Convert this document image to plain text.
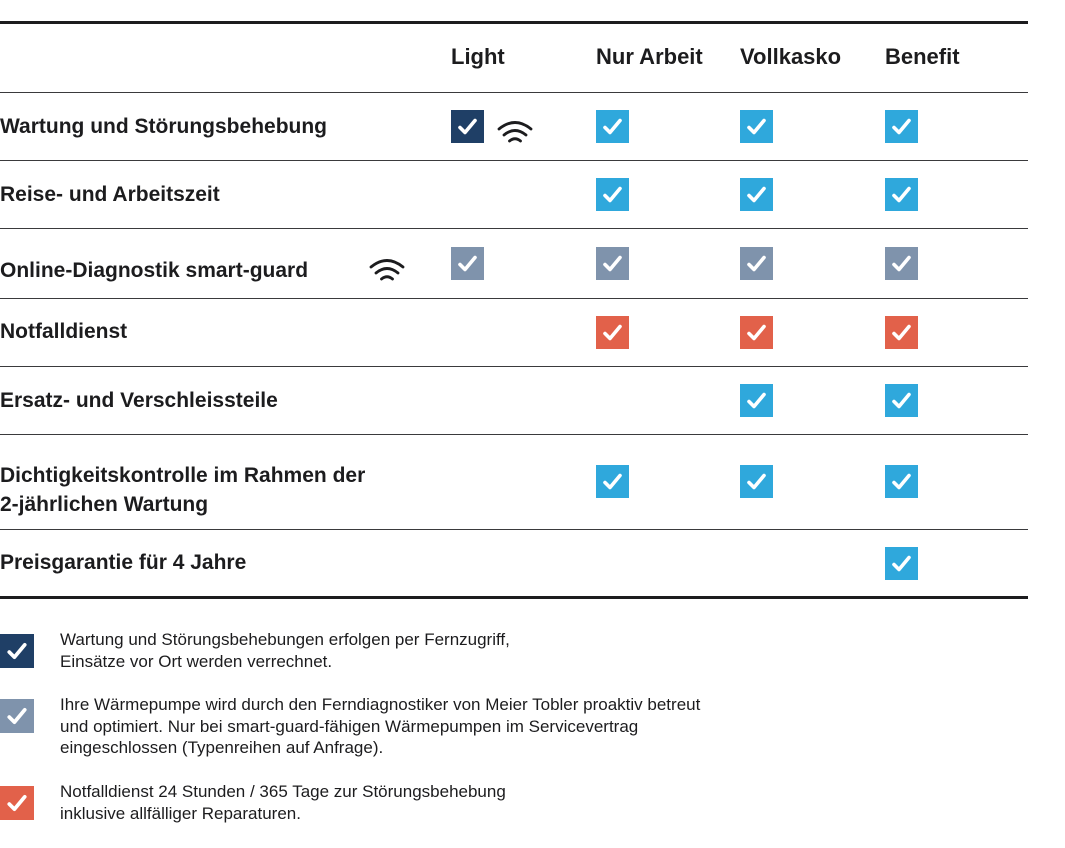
Light	Nur Arbeit Vollkasko Benefit
Wartung und Störungsbehebung
Reise- und Arbeitszeit
Online-Diagnostik smart-guard
Notfalldienst
Ersatz- und Verschleissteile
Dichtigkeitskontrolle im Rahmen der
2-jährlichen Wartung
Preisgarantie für 4 Jahre
Wartung und Störungsbehebungen erfolgen per Fernzugriff,
Einsätze vor Ort werden verrechnet.
Ihre Wärmepumpe wird durch den Ferndiagnostiker von Meier Tobler proaktiv betreut
und optimiert. Nur bei smart-guard-fähigen Wärmepumpen im Servicevertrag
eingeschlossen (Typenreihen auf Anfrage).
Notfalldienst 24 Stunden / 365 Tage zur Störungsbehebung
inklusive allfälliger Reparaturen.
